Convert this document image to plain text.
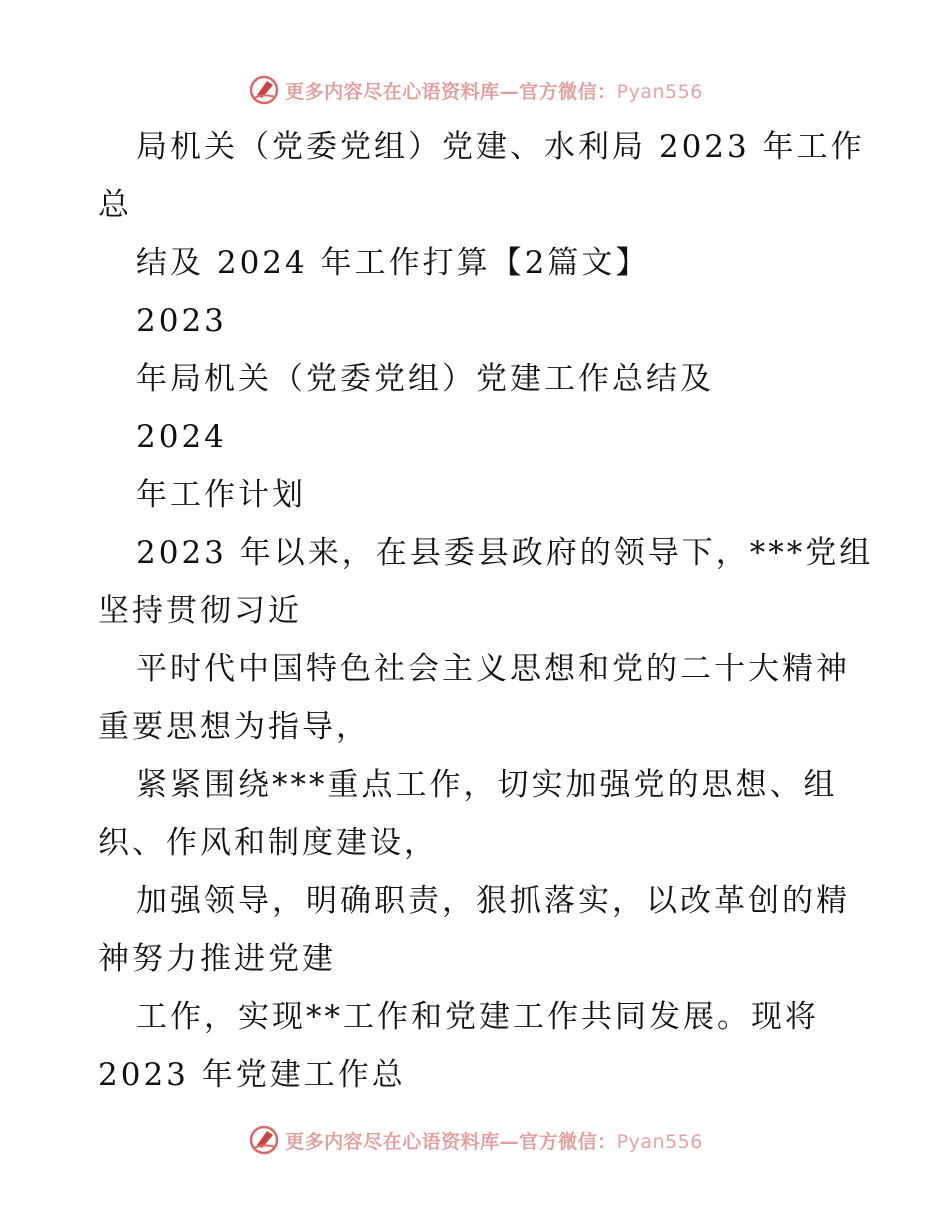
更多内容尽在心语资料库—官方微信：Pyan556

局机关（党委党组）党建、水利局 2023 年工作
总

结及 2024 年工作打算【2篇文】

2023

年局机关（党委党组）党建工作总结及

2024

年工作计划

2023 年以来，在县委县政府的领导下，***党组
坚持贯彻习近

平时代中国特色社会主义思想和党的二十大精神
重要思想为指导，

紧紧围绕***重点工作，切实加强党的思想、组
织、作风和制度建设，

加强领导，明确职责，狠抓落实，以改革创的精
神努力推进党建

工作，实现**工作和党建工作共同发展。现将
2023 年党建工作总

更多内容尽在心语资料库—官方微信：Pyan556
